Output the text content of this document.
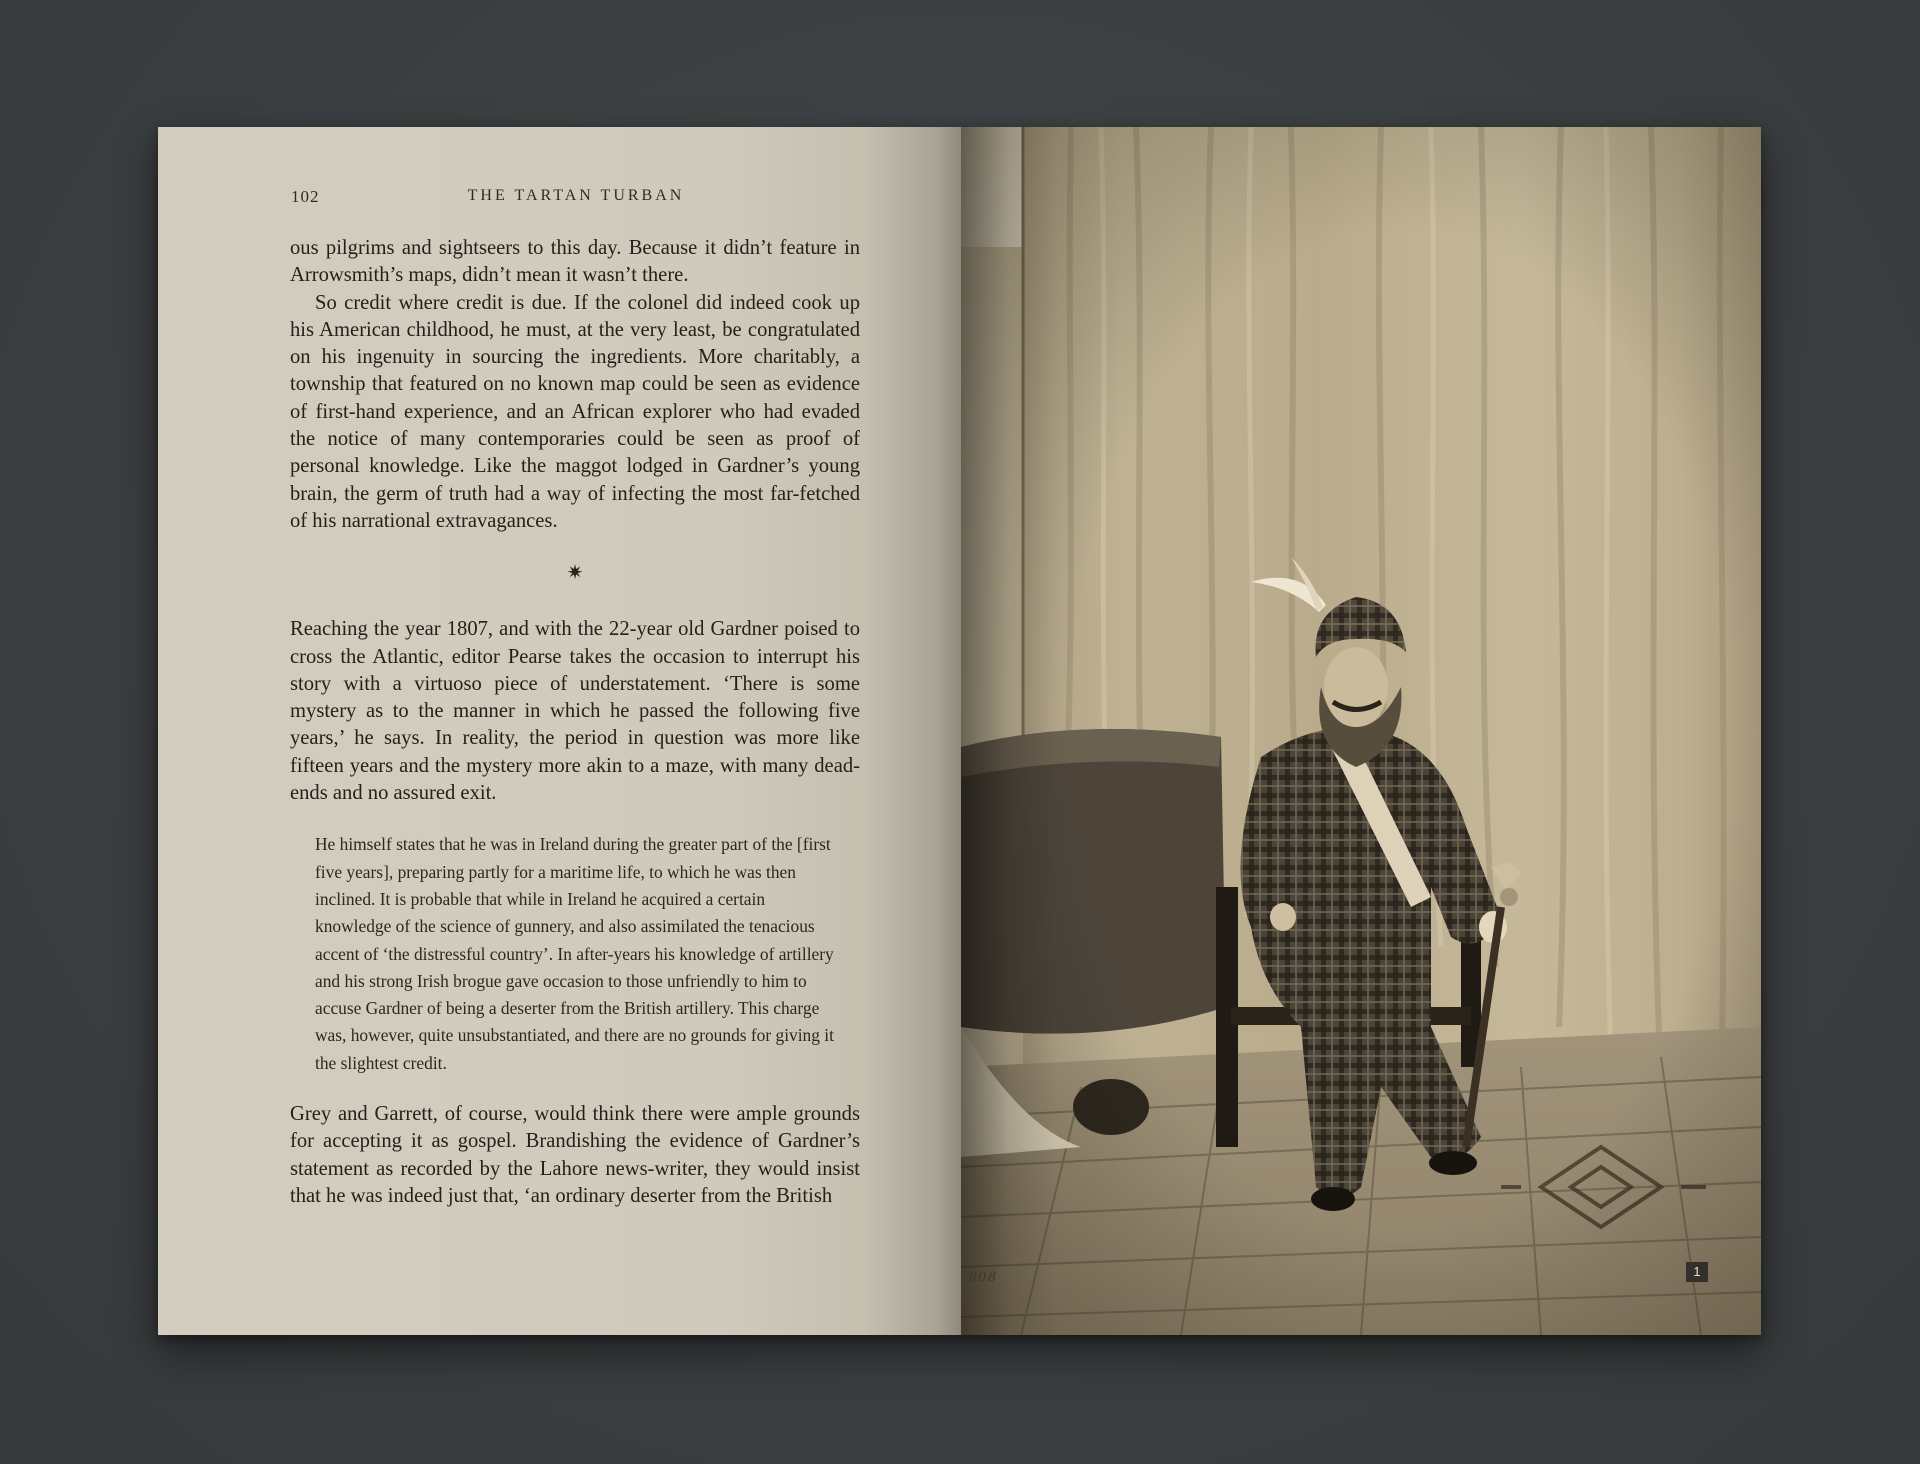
102	THE TARTAN TURBAN

ous pilgrims and sightseers to this day. Because it didn’t feature in Arrowsmith’s maps, didn’t mean it wasn’t there.

So credit where credit is due. If the colonel did indeed cook up his American childhood, he must, at the very least, be congratulated on his ingenuity in sourcing the ingredients. More charitably, a township that featured on no known map could be seen as evidence of first-hand experience, and an African explorer who had evaded the notice of many contemporaries could be seen as proof of personal knowledge. Like the maggot lodged in Gardner’s young brain, the germ of truth had a way of infecting the most far-fetched of his narrational extravagances.

✷

Reaching the year 1807, and with the 22-year old Gardner poised to cross the Atlantic, editor Pearse takes the occasion to interrupt his story with a virtuoso piece of understatement. ‘There is some mystery as to the manner in which he passed the following five years,’ he says. In reality, the period in question was more like fifteen years and the mystery more akin to a maze, with many dead-ends and no assured exit.

He himself states that he was in Ireland during the greater part of the [first five years], preparing partly for a maritime life, to which he was then inclined. It is probable that while in Ireland he acquired a certain knowledge of the science of gunnery, and also assimilated the tenacious accent of ‘the distressful country’. In after-years his knowledge of artillery and his strong Irish brogue gave occasion to those unfriendly to him to accuse Gardner of being a deserter from the British artillery. This charge was, however, quite unsubstantiated, and there are no grounds for giving it the slightest credit.

Grey and Garrett, of course, would think there were ample grounds for accepting it as gospel. Brandishing the evidence of Gardner’s statement as recorded by the Lahore news-writer, they would insist that he was indeed just that, ‘an ordinary deserter from the British

808	1
